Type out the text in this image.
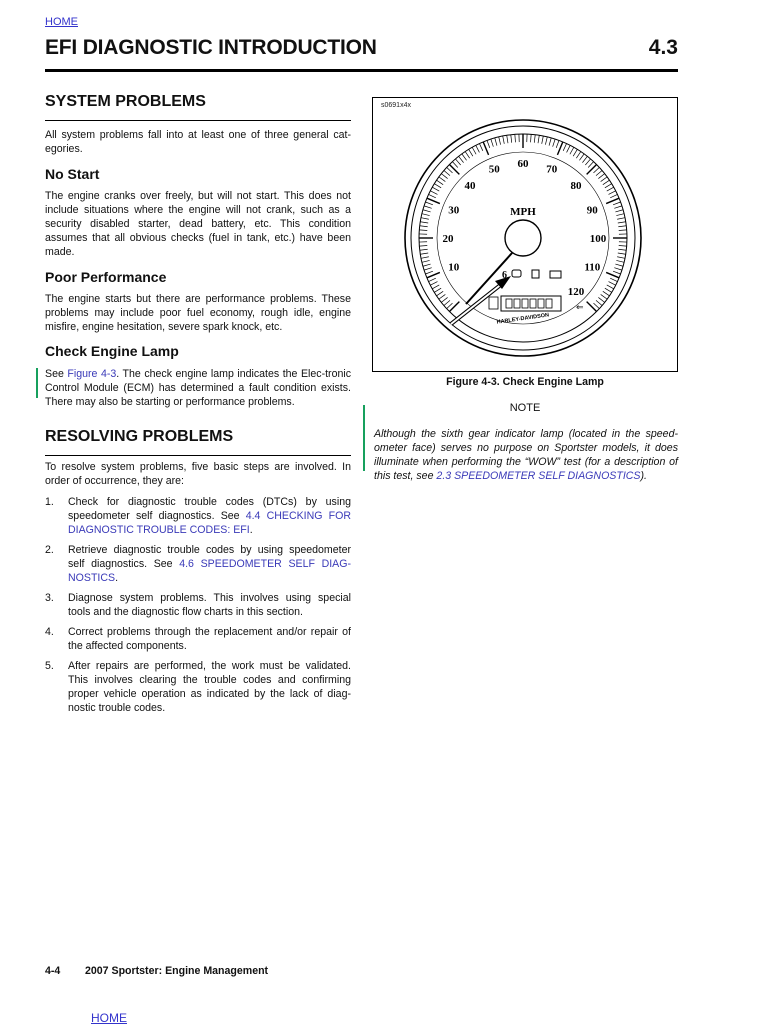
HOME
EFI DIAGNOSTIC INTRODUCTION	4.3
SYSTEM PROBLEMS

All system problems fall into at least one of three general cat-egories.

No Start

The engine cranks over freely, but will not start. This does not include situations where the engine will not crank, such as a security disabled starter, dead battery, etc. This condition assumes that all obvious checks (fuel in tank, etc.) have been made.

Poor Performance

The engine starts but there are performance problems. These problems may include poor fuel economy, rough idle, engine misfire, engine hesitation, severe spark knock, etc.

Check Engine Lamp

See Figure 4-3. The check engine lamp indicates the Elec-tronic Control Module (ECM) has determined a fault condition exists. There may also be starting or performance problems.

RESOLVING PROBLEMS

To resolve system problems, five basic steps are involved. In order of occurrence, they are:

1. Check for diagnostic trouble codes (DTCs) by using speedometer self diagnostics. See 4.4 CHECKING FOR DIAGNOSTIC TROUBLE CODES: EFI.
2. Retrieve diagnostic trouble codes by using speedometer self diagnostics. See 4.6 SPEEDOMETER SELF DIAG-NOSTICS.
3. Diagnose system problems. This involves using special tools and the diagnostic flow charts in this section.
4. Correct problems through the replacement and/or repair of the affected components.
5. After repairs are performed, the work must be validated. This involves clearing the trouble codes and confirming proper vehicle operation as indicated by the lack of diag-nostic trouble codes.
s0691x4x
⇐
10
20
30
40
50 60 70
80
90
100
110
120
MPH
6
HARLEY-DAVIDSON
Figure 4-3. Check Engine Lamp
NOTE

Although the sixth gear indicator lamp (located in the speed-ometer face) serves no purpose on Sportster models, it does illuminate when performing the “WOW” test (for a description of this test, see 2.3 SPEEDOMETER SELF DIAGNOSTICS).

4-4 2007 Sportster: Engine Management
HOME
